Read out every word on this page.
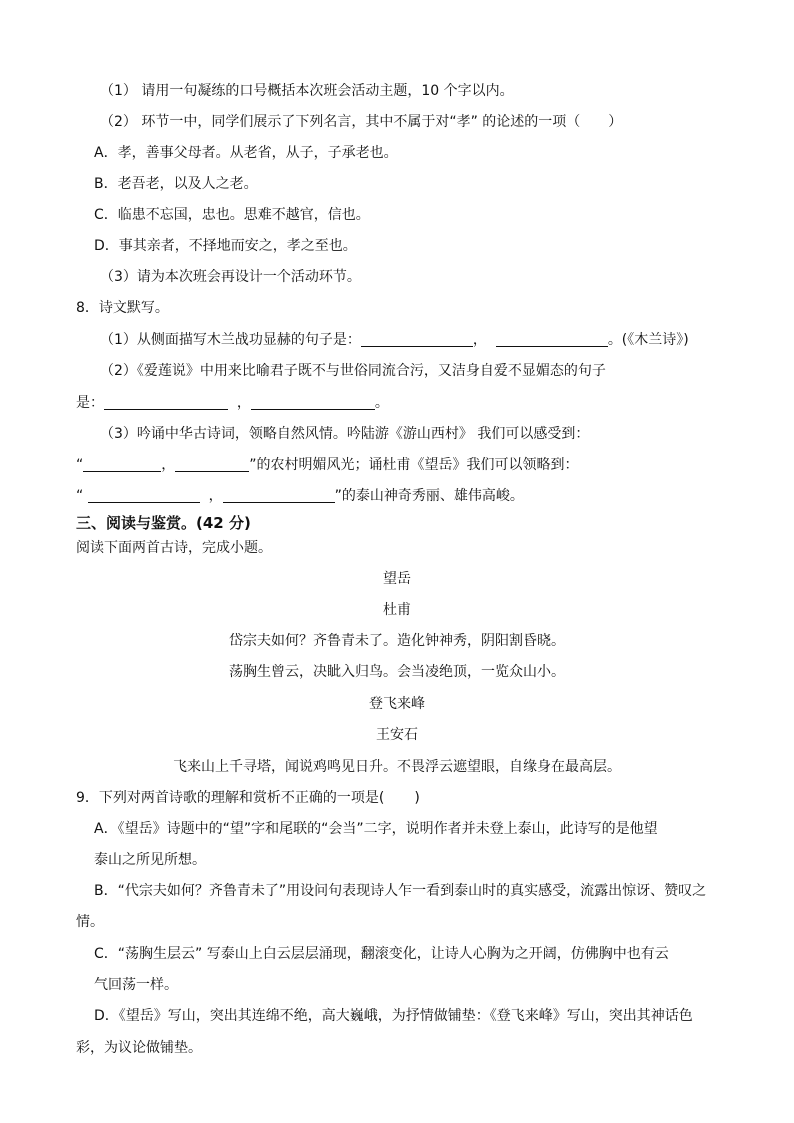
（1） 请用一句凝练的口号概括本次班会活动主题，10 个字以内。
（2） 环节一中，同学们展示了下列名言，其中不属于对“孝” 的论述的一项（　　）
A．孝，善事父母者。从老省，从子，子承老也。
B．老吾老，以及人之老。
C．临患不忘国，忠也。思难不越官，信也。
D．事其亲者，不择地而安之，孝之至也。
（3）请为本次班会再设计一个活动环节。
8．诗文默写。
（1）从侧面描写木兰战功显赫的句子是：	，	。(《木兰诗》)
（2）《爱莲说》中用来比喻君子既不与世俗同流合污，又洁身自爱不显媚态的句子
是：	，	。
（3）吟诵中华古诗词，领略自然风情。吟陆游《游山西村》 我们可以感受到：
“	，	”的农村明媚风光；诵杜甫《望岳》我们可以领略到：
“	，	”的泰山神奇秀丽、雄伟高峻。
三、阅读与鉴赏。(42 分)
阅读下面两首古诗，完成小题。
望岳
杜甫
岱宗夫如何？齐鲁青未了。造化钟神秀，阴阳割昏晓。
荡胸生曾云，决眦入归鸟。会当凌绝顶，一览众山小。
登飞来峰
王安石
飞来山上千寻塔，闻说鸡鸣见日升。不畏浮云遮望眼，自缘身在最高层。
9．下列对两首诗歌的理解和赏析不正确的一项是( )
A．《望岳》诗题中的“望”字和尾联的“会当”二字，说明作者并未登上泰山，此诗写的是他望
泰山之所见所想。
B．“代宗夫如何？齐鲁青未了”用设问句表现诗人乍一看到泰山时的真实感受，流露出惊讶、赞叹之
情。
C．“荡胸生层云” 写泰山上白云层层涌现，翻滚变化，让诗人心胸为之开阔，仿佛胸中也有云
气回荡一样。
D．《望岳》写山，突出其连绵不绝，高大巍峨，为抒情做铺垫：《登飞来峰》写山，突出其神话色
彩，为议论做铺垫。
